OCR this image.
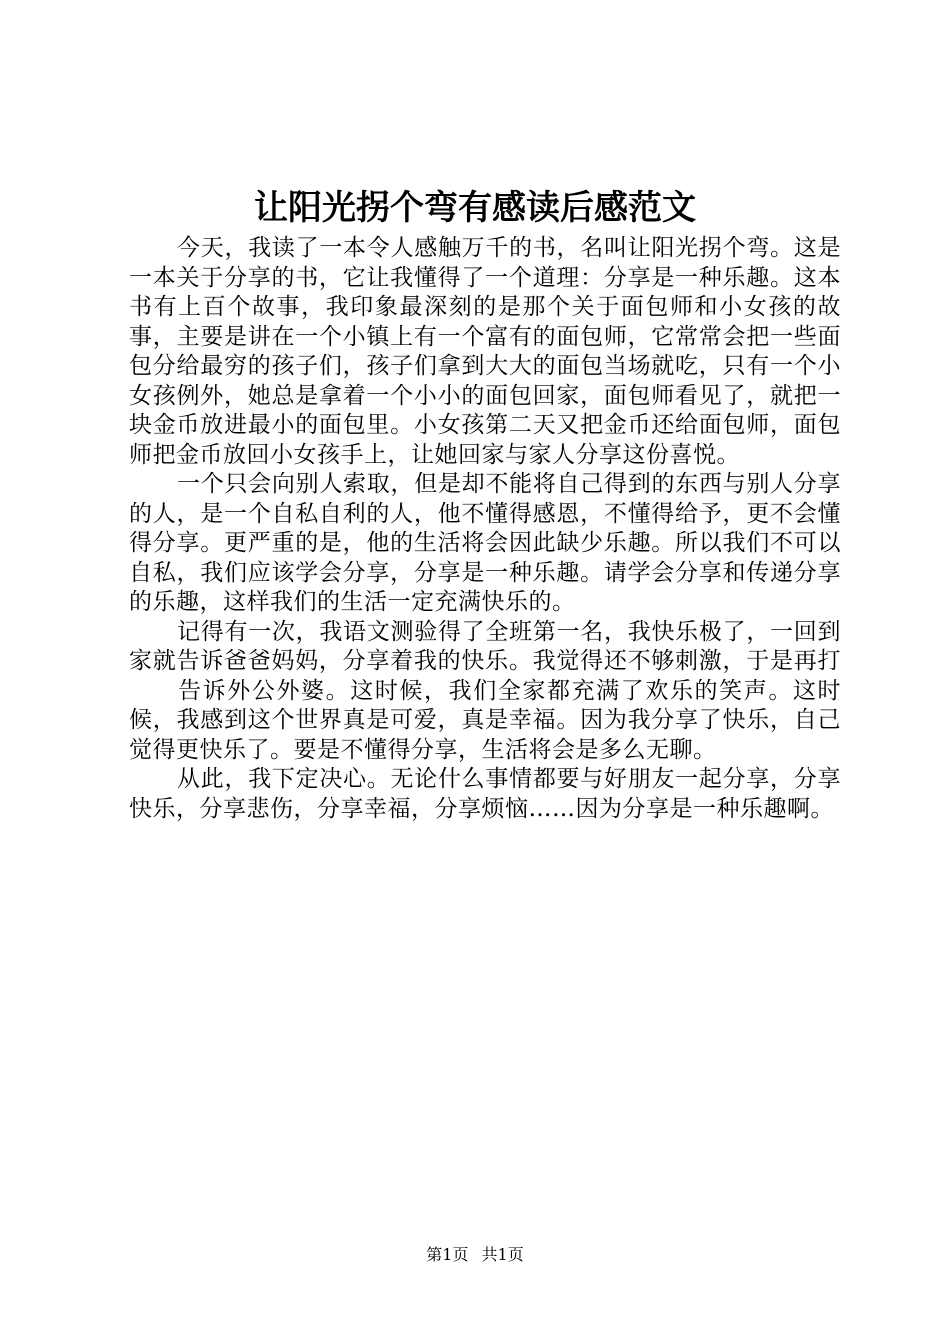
让阳光拐个弯有感读后感范文

今天，我读了一本令人感触万千的书，名叫让阳光拐个弯。这是一本关于分享的书，它让我懂得了一个道理：分享是一种乐趣。这本书有上百个故事，我印象最深刻的是那个关于面包师和小女孩的故事，主要是讲在一个小镇上有一个富有的面包师，它常常会把一些面包分给最穷的孩子们，孩子们拿到大大的面包当场就吃，只有一个小女孩例外，她总是拿着一个小小的面包回家，面包师看见了，就把一块金币放进最小的面包里。小女孩第二天又把金币还给面包师，面包师把金币放回小女孩手上，让她回家与家人分享这份喜悦。

一个只会向别人索取，但是却不能将自己得到的东西与别人分享的人，是一个自私自利的人，他不懂得感恩，不懂得给予，更不会懂得分享。更严重的是，他的生活将会因此缺少乐趣。所以我们不可以自私，我们应该学会分享，分享是一种乐趣。请学会分享和传递分享的乐趣，这样我们的生活一定充满快乐的。

记得有一次，我语文测验得了全班第一名，我快乐极了，一回到家就告诉爸爸妈妈，分享着我的快乐。我觉得还不够刺激，于是再打告诉外公外婆。这时候，我们全家都充满了欢乐的笑声。这时候，我感到这个世界真是可爱，真是幸福。因为我分享了快乐，自己觉得更快乐了。要是不懂得分享，生活将会是多么无聊。

从此，我下定决心。无论什么事情都要与好朋友一起分享，分享快乐，分享悲伤，分享幸福，分享烦恼……因为分享是一种乐趣啊。

第1页 共1页
